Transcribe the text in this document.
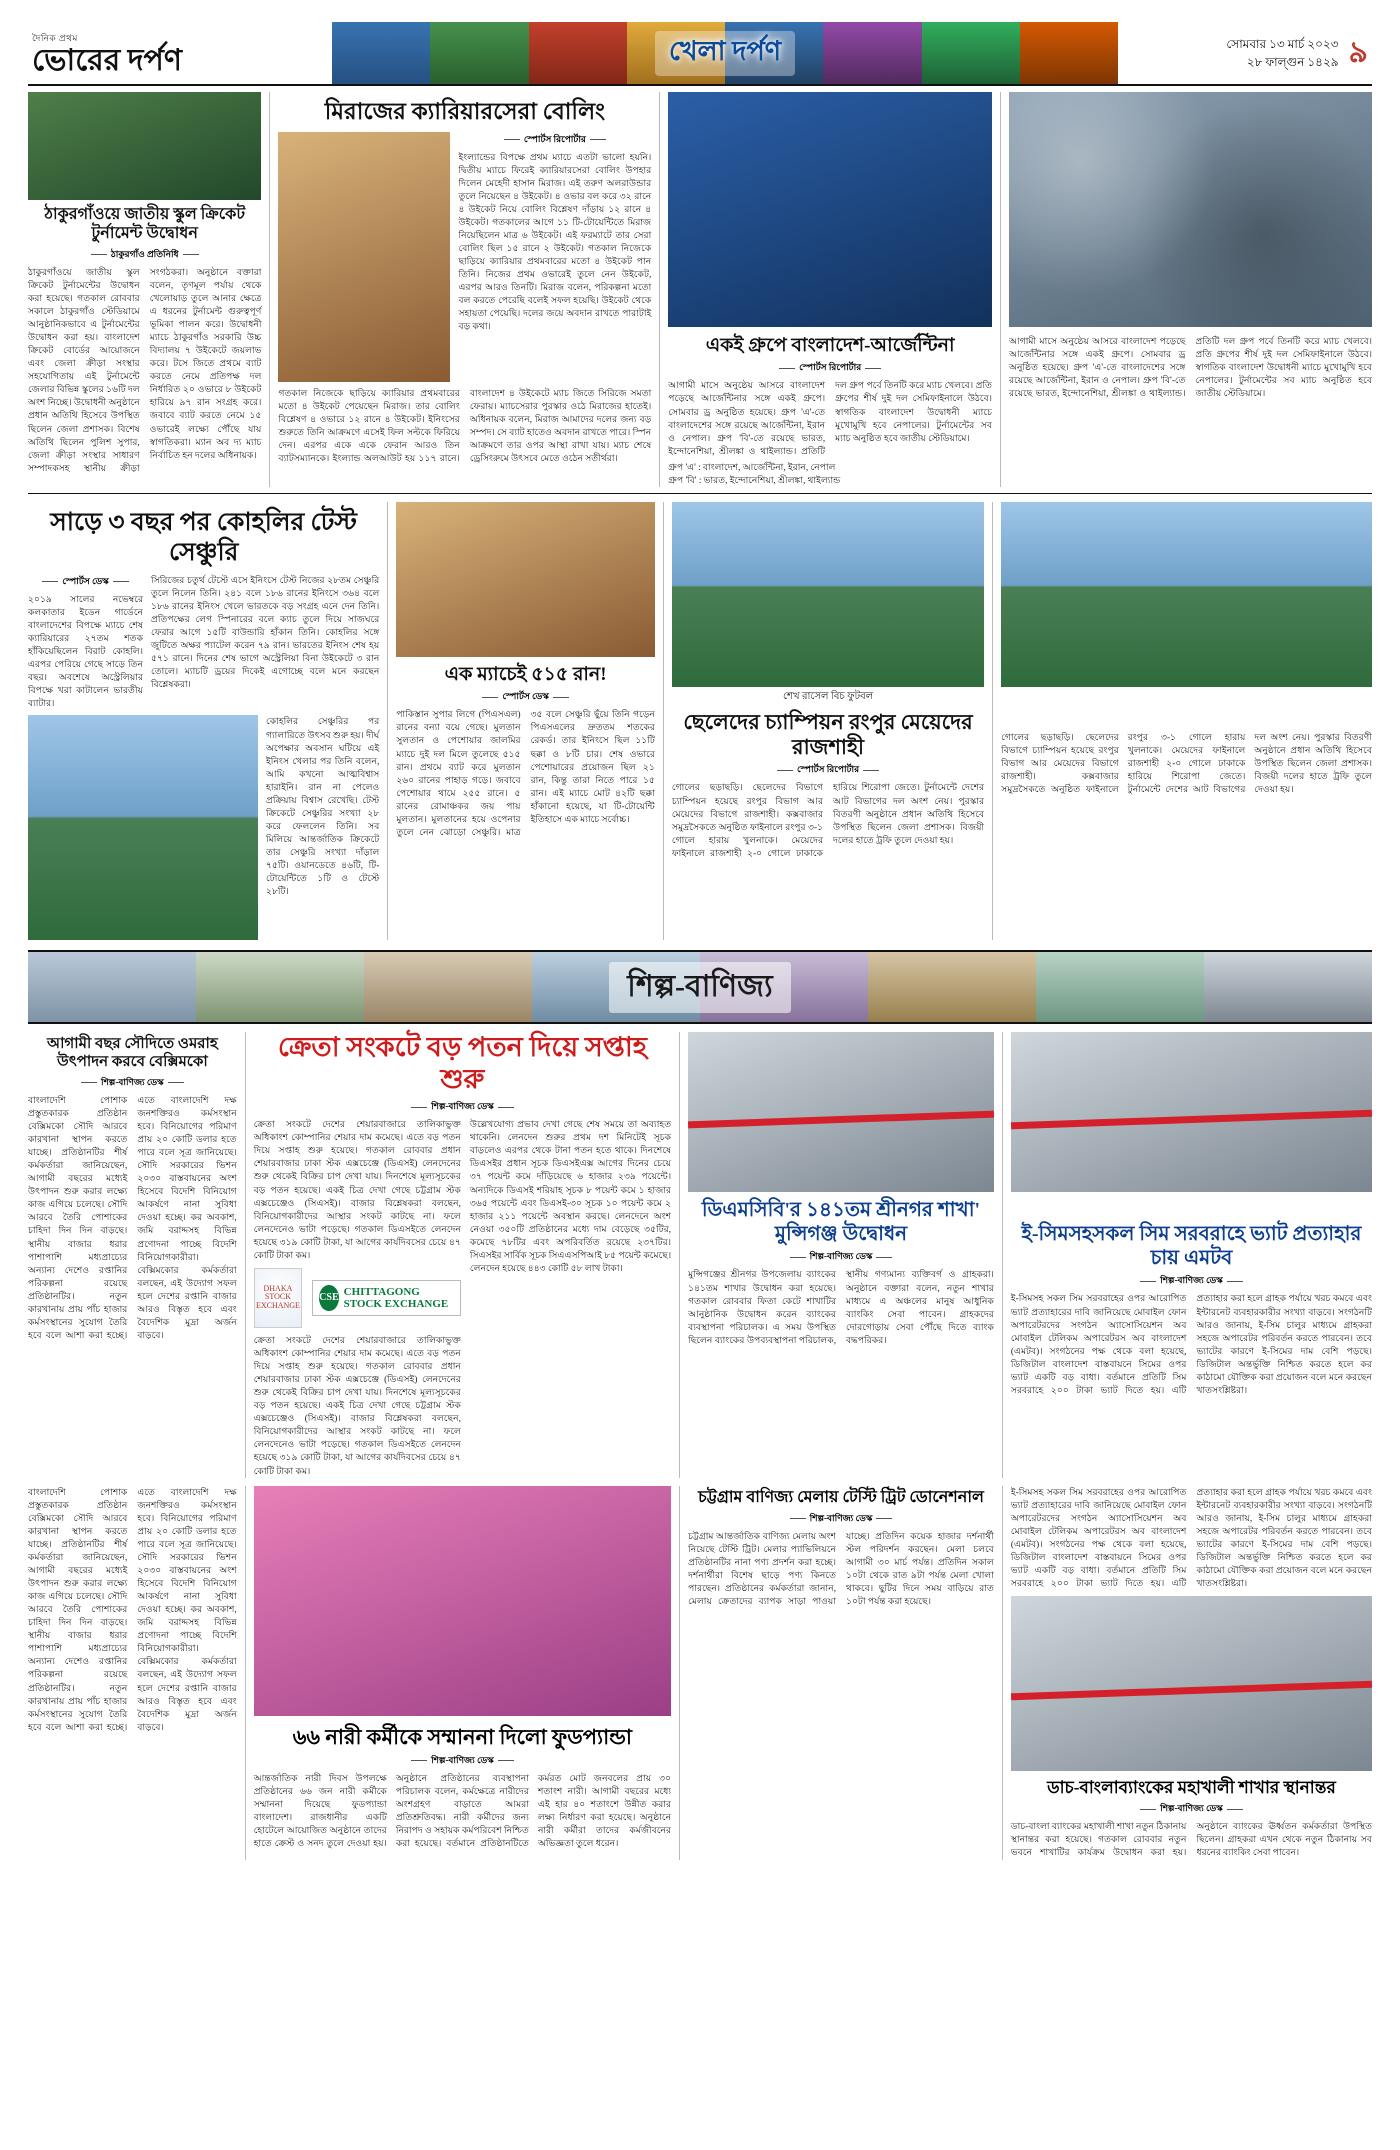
দৈনিক প্রথম
ভোরের দর্পণ	খেলা দর্পণ	সোমবার ১৩ মার্চ ২০২৩
২৮ ফাল্গুন ১৪২৯ ৯
ঠাকুরগাঁওয়ে জাতীয় স্কুল ক্রিকেট টুর্নামেন্ট উদ্বোধন
ঠাকুরগাঁও প্রতিনিধি
ঠাকুরগাঁওয়ে জাতীয় স্কুল ক্রিকেট টুর্নামেন্টের উদ্বোধন করা হয়েছে। গতকাল রোববার সকালে ঠাকুরগাঁও স্টেডিয়ামে আনুষ্ঠানিকভাবে এ টুর্নামেন্টের উদ্বোধন করা হয়। বাংলাদেশ ক্রিকেট বোর্ডের আয়োজনে এবং জেলা ক্রীড়া সংস্থার সহযোগিতায় এই টুর্নামেন্টে জেলার বিভিন্ন স্কুলের ১৬টি দল অংশ নিচ্ছে। উদ্বোধনী অনুষ্ঠানে প্রধান অতিথি হিসেবে উপস্থিত ছিলেন জেলা প্রশাসক। বিশেষ অতিথি ছিলেন পুলিশ সুপার, জেলা ক্রীড়া সংস্থার সাধারণ সম্পাদকসহ স্থানীয় ক্রীড়া সংগঠকরা। অনুষ্ঠানে বক্তারা বলেন, তৃণমূল পর্যায় থেকে খেলোয়াড় তুলে আনার ক্ষেত্রে এ ধরনের টুর্নামেন্ট গুরুত্বপূর্ণ ভূমিকা পালন করে। উদ্বোধনী ম্যাচে ঠাকুরগাঁও সরকারি উচ্চ বিদ্যালয় ৭ উইকেটে জয়লাভ করে। টসে জিতে প্রথমে ব্যাট করতে নেমে প্রতিপক্ষ দল নির্ধারিত ২০ ওভারে ৮ উইকেট হারিয়ে ৯৭ রান সংগ্রহ করে। জবাবে ব্যাট করতে নেমে ১৫ ওভারেই লক্ষ্যে পৌঁছে যায় স্বাগতিকরা। ম্যান অব দ্য ম্যাচ নির্বাচিত হন দলের অধিনায়ক।
মিরাজের ক্যারিয়ারসেরা বোলিং
স্পোর্টস রিপোর্টার
ইংল্যান্ডের বিপক্ষে প্রথম ম্যাচে এতটা ভালো হয়নি। দ্বিতীয় ম্যাচে ফিরেই ক্যারিয়ারসেরা বোলিং উপহার দিলেন মেহেদী হাসান মিরাজ। এই তরুণ অলরাউন্ডার তুলে নিয়েছেন ৪ উইকেট। ৪ ওভার বল করে ৩২ রানে ৪ উইকেট নিয়ে বোলিং বিশ্লেষণ দাঁড়ায় ১২ রানে ৪ উইকেট। গতকালের আগে ১১ টি-টোয়েন্টিতে মিরাজ নিয়েছিলেন মাত্র ৬ উইকেট। এই ফরম্যাটে তার সেরা বোলিং ছিল ১৫ রানে ২ উইকেট। গতকাল নিজেকে ছাড়িয়ে ক্যারিয়ার প্রথমবারের মতো ৪ উইকেট পান তিনি। নিজের প্রথম ওভারেই তুলে নেন উইকেট, এরপর আরও তিনটি। মিরাজ বলেন, পরিকল্পনা মতো বল করতে পেরেছি বলেই সফল হয়েছি। উইকেট থেকে সহায়তা পেয়েছি। দলের জয়ে অবদান রাখতে পারাটাই বড় কথা।
গতকাল নিজেকে ছাড়িয়ে ক্যারিয়ার প্রথমবারের মতো ৪ উইকেট পেয়েছেন মিরাজ। তার বোলিং বিশ্লেষণ ৪ ওভারে ১২ রানে ৪ উইকেট। ইনিংসের শুরুতে তিনি আক্রমণে এসেই ফিল সল্টকে ফিরিয়ে দেন। এরপর একে একে ফেরান আরও তিন ব্যাটসম্যানকে। ইংল্যান্ড অলআউট হয় ১১৭ রানে। বাংলাদেশ ৪ উইকেটে ম্যাচ জিতে সিরিজে সমতা ফেরায়। ম্যাচসেরার পুরস্কার ওঠে মিরাজের হাতেই। অধিনায়ক বলেন, মিরাজ আমাদের দলের জন্য বড় সম্পদ। সে ব্যাট হাতেও অবদান রাখতে পারে। স্পিন আক্রমণে তার ওপর আস্থা রাখা যায়। ম্যাচ শেষে ড্রেসিংরুমে উৎসবে মেতে ওঠেন সতীর্থরা।
একই গ্রুপে বাংলাদেশ-আর্জেন্টিনা
স্পোর্টস রিপোর্টার
আগামী মাসে অনুষ্ঠেয় আসরে বাংলাদেশ পড়েছে আর্জেন্টিনার সঙ্গে একই গ্রুপে। সোমবার ড্র অনুষ্ঠিত হয়েছে। গ্রুপ 'এ'-তে বাংলাদেশের সঙ্গে রয়েছে আর্জেন্টিনা, ইরান ও নেপাল। গ্রুপ 'বি'-তে রয়েছে ভারত, ইন্দোনেশিয়া, শ্রীলঙ্কা ও থাইল্যান্ড। প্রতিটি দল গ্রুপ পর্বে তিনটি করে ম্যাচ খেলবে। প্রতি গ্রুপের শীর্ষ দুই দল সেমিফাইনালে উঠবে। স্বাগতিক বাংলাদেশ উদ্বোধনী ম্যাচে মুখোমুখি হবে নেপালের। টুর্নামেন্টের সব ম্যাচ অনুষ্ঠিত হবে জাতীয় স্টেডিয়ামে।
গ্রুপ 'এ' : বাংলাদেশ, আর্জেন্টিনা, ইরান, নেপাল
গ্রুপ 'বি' : ভারত, ইন্দোনেশিয়া, শ্রীলঙ্কা, থাইল্যান্ড
আগামী মাসে অনুষ্ঠেয় আসরে বাংলাদেশ পড়েছে আর্জেন্টিনার সঙ্গে একই গ্রুপে। সোমবার ড্র অনুষ্ঠিত হয়েছে। গ্রুপ 'এ'-তে বাংলাদেশের সঙ্গে রয়েছে আর্জেন্টিনা, ইরান ও নেপাল। গ্রুপ 'বি'-তে রয়েছে ভারত, ইন্দোনেশিয়া, শ্রীলঙ্কা ও থাইল্যান্ড। প্রতিটি দল গ্রুপ পর্বে তিনটি করে ম্যাচ খেলবে। প্রতি গ্রুপের শীর্ষ দুই দল সেমিফাইনালে উঠবে। স্বাগতিক বাংলাদেশ উদ্বোধনী ম্যাচে মুখোমুখি হবে নেপালের। টুর্নামেন্টের সব ম্যাচ অনুষ্ঠিত হবে জাতীয় স্টেডিয়ামে।
সাড়ে ৩ বছর পর কোহলির টেস্ট সেঞ্চুরি
স্পোর্টস ডেস্ক
২০১৯ সালের নভেম্বরে কলকাতার ইডেন গার্ডেনে বাংলাদেশের বিপক্ষে ম্যাচে শেষ ক্যারিয়ারের ২৭তম শতক হাঁকিয়েছিলেন বিরাট কোহলি। এরপর পেরিয়ে গেছে সাড়ে তিন বছর। অবশেষে অস্ট্রেলিয়ার বিপক্ষে খরা কাটালেন ভারতীয় ব্যাটার।
সিরিজের চতুর্থ টেস্টে এসে ইনিংসে টেস্ট নিজের ২৮তম সেঞ্চুরি তুলে নিলেন তিনি। ২৪১ বলে ১৮৬ রানের ইনিংসে ৩৬৪ বলে ১৮৬ রানের ইনিংস খেলে ভারতকে বড় সংগ্রহ এনে দেন তিনি। প্রতিপক্ষের লেগ স্পিনারের বলে ক্যাচ তুলে দিয়ে সাজঘরে ফেরার আগে ১৫টি বাউন্ডারি হাঁকান তিনি। কোহলির সঙ্গে জুটিতে অক্ষর প্যাটেল করেন ৭৯ রান। ভারতের ইনিংস শেষ হয় ৫৭১ রানে। দিনের শেষ ভাগে অস্ট্রেলিয়া বিনা উইকেটে ৩ রান তোলে। ম্যাচটি ড্রয়ের দিকেই এগোচ্ছে বলে মনে করছেন বিশ্লেষকরা।
কোহলির সেঞ্চুরির পর গ্যালারিতে উৎসব শুরু হয়। দীর্ঘ অপেক্ষার অবসান ঘটিয়ে এই ইনিংস খেলার পর তিনি বলেন, আমি কখনো আত্মবিশ্বাস হারাইনি। রান না পেলেও প্রক্রিয়ায় বিশ্বাস রেখেছি। টেস্ট ক্রিকেটে সেঞ্চুরির সংখ্যা ২৮ করে ফেললেন তিনি। সব মিলিয়ে আন্তর্জাতিক ক্রিকেটে তার সেঞ্চুরি সংখ্যা দাঁড়াল ৭৫টি। ওয়ানডেতে ৪৬টি, টি-টোয়েন্টিতে ১টি ও টেস্টে ২৮টি।
এক ম্যাচেই ৫১৫ রান!
স্পোর্টস ডেস্ক
পাকিস্তান সুপার লিগে (পিএসএল) রানের বন্যা বয়ে গেছে। মুলতান সুলতান ও পেশোয়ার জালমির ম্যাচে দুই দল মিলে তুলেছে ৫১৫ রান। প্রথমে ব্যাট করে মুলতান ২৬০ রানের পাহাড় গড়ে। জবাবে পেশোয়ার থামে ২৫৫ রানে। ৫ রানের রোমাঞ্চকর জয় পায় মুলতান। মুলতানের হয়ে ওপেনার তুলে নেন ঝোড়ো সেঞ্চুরি। মাত্র ৩৫ বলে সেঞ্চুরি ছুঁয়ে তিনি গড়েন পিএসএলের দ্রুততম শতকের রেকর্ড। তার ইনিংসে ছিল ১১টি ছক্কা ও ৮টি চার। শেষ ওভারে পেশোয়ারের প্রয়োজন ছিল ২১ রান, কিন্তু তারা নিতে পারে ১৫ রান। এই ম্যাচে মোট ৪২টি ছক্কা হাঁকানো হয়েছে, যা টি-টোয়েন্টি ইতিহাসে এক ম্যাচে সর্বোচ্চ।
শেখ রাসেল বিচ ফুটবল
ছেলেদের চ্যাম্পিয়ন রংপুর মেয়েদের রাজশাহী
স্পোর্টস রিপোর্টার
গোলের ছড়াছড়ি। ছেলেদের বিভাগে চ্যাম্পিয়ন হয়েছে রংপুর বিভাগ আর মেয়েদের বিভাগে রাজশাহী। কক্সবাজার সমুদ্রসৈকতে অনুষ্ঠিত ফাইনালে রংপুর ৩-১ গোলে হারায় খুলনাকে। মেয়েদের ফাইনালে রাজশাহী ২-০ গোলে ঢাকাকে হারিয়ে শিরোপা জেতে। টুর্নামেন্টে দেশের আট বিভাগের দল অংশ নেয়। পুরস্কার বিতরণী অনুষ্ঠানে প্রধান অতিথি হিসেবে উপস্থিত ছিলেন জেলা প্রশাসক। বিজয়ী দলের হাতে ট্রফি তুলে দেওয়া হয়।
গোলের ছড়াছড়ি। ছেলেদের বিভাগে চ্যাম্পিয়ন হয়েছে রংপুর বিভাগ আর মেয়েদের বিভাগে রাজশাহী। কক্সবাজার সমুদ্রসৈকতে অনুষ্ঠিত ফাইনালে রংপুর ৩-১ গোলে হারায় খুলনাকে। মেয়েদের ফাইনালে রাজশাহী ২-০ গোলে ঢাকাকে হারিয়ে শিরোপা জেতে। টুর্নামেন্টে দেশের আট বিভাগের দল অংশ নেয়। পুরস্কার বিতরণী অনুষ্ঠানে প্রধান অতিথি হিসেবে উপস্থিত ছিলেন জেলা প্রশাসক। বিজয়ী দলের হাতে ট্রফি তুলে দেওয়া হয়।
শিল্প-বাণিজ্য
আগামী বছর সৌদিতে ওমরাহ উৎপাদন করবে বেক্সিমকো
শিল্প-বাণিজ্য ডেস্ক
বাংলাদেশি পোশাক প্রস্তুতকারক প্রতিষ্ঠান বেক্সিমকো সৌদি আরবে কারখানা স্থাপন করতে যাচ্ছে। প্রতিষ্ঠানটির শীর্ষ কর্মকর্তারা জানিয়েছেন, আগামী বছরের মধ্যেই উৎপাদন শুরু করার লক্ষ্যে কাজ এগিয়ে চলেছে। সৌদি আরবে তৈরি পোশাকের চাহিদা দিন দিন বাড়ছে। স্থানীয় বাজার ধরার পাশাপাশি মধ্যপ্রাচ্যের অন্যান্য দেশেও রপ্তানির পরিকল্পনা রয়েছে প্রতিষ্ঠানটির। নতুন কারখানায় প্রায় পাঁচ হাজার কর্মসংস্থানের সুযোগ তৈরি হবে বলে আশা করা হচ্ছে। এতে বাংলাদেশি দক্ষ জনশক্তিরও কর্মসংস্থান হবে। বিনিয়োগের পরিমাণ প্রায় ২০ কোটি ডলার হতে পারে বলে সূত্র জানিয়েছে। সৌদি সরকারের ভিশন ২০৩০ বাস্তবায়নের অংশ হিসেবে বিদেশি বিনিয়োগ আকর্ষণে নানা সুবিধা দেওয়া হচ্ছে। কর অবকাশ, জমি বরাদ্দসহ বিভিন্ন প্রণোদনা পাচ্ছে বিদেশি বিনিয়োগকারীরা। বেক্সিমকোর কর্মকর্তারা বলছেন, এই উদ্যোগ সফল হলে দেশের রপ্তানি বাজার আরও বিস্তৃত হবে এবং বৈদেশিক মুদ্রা অর্জন বাড়বে।
ক্রেতা সংকটে বড় পতন দিয়ে সপ্তাহ শুরু
শিল্প-বাণিজ্য ডেস্ক
ক্রেতা সংকটে দেশের শেয়ারবাজারে তালিকাভুক্ত অধিকাংশ কোম্পানির শেয়ার দাম কমেছে। এতে বড় পতন দিয়ে সপ্তাহ শুরু হয়েছে। গতকাল রোববার প্রধান শেয়ারবাজার ঢাকা স্টক এক্সচেঞ্জে (ডিএসই) লেনদেনের শুরু থেকেই বিক্রির চাপ দেখা যায়। দিনশেষে মূল্যসূচকের বড় পতন হয়েছে। একই চিত্র দেখা গেছে চট্টগ্রাম স্টক এক্সচেঞ্জেও (সিএসই)। বাজার বিশ্লেষকরা বলছেন, বিনিয়োগকারীদের আস্থার সংকট কাটছে না। ফলে লেনদেনেও ভাটা পড়েছে। গতকাল ডিএসইতে লেনদেন হয়েছে ৩১৯ কোটি টাকা, যা আগের কার্যদিবসের চেয়ে ৪৭ কোটি টাকা কম।
DHAKA
STOCK
EXCHANGE
CSE CHITTAGONG STOCK EXCHANGE
ক্রেতা সংকটে দেশের শেয়ারবাজারে তালিকাভুক্ত অধিকাংশ কোম্পানির শেয়ার দাম কমেছে। এতে বড় পতন দিয়ে সপ্তাহ শুরু হয়েছে। গতকাল রোববার প্রধান শেয়ারবাজার ঢাকা স্টক এক্সচেঞ্জে (ডিএসই) লেনদেনের শুরু থেকেই বিক্রির চাপ দেখা যায়। দিনশেষে মূল্যসূচকের বড় পতন হয়েছে। একই চিত্র দেখা গেছে চট্টগ্রাম স্টক এক্সচেঞ্জেও (সিএসই)। বাজার বিশ্লেষকরা বলছেন, বিনিয়োগকারীদের আস্থার সংকট কাটছে না। ফলে লেনদেনেও ভাটা পড়েছে। গতকাল ডিএসইতে লেনদেন হয়েছে ৩১৯ কোটি টাকা, যা আগের কার্যদিবসের চেয়ে ৪৭ কোটি টাকা কম।
উল্লেখযোগ্য প্রভাব দেখা গেছে শেষ সময়ে তা অব্যাহত থাকেনি। লেনদেন শুরুর প্রথম দশ মিনিটেই সূচক বাড়লেও এরপর থেকে টানা পতন হতে থাকে। দিনশেষে ডিএসইর প্রধান সূচক ডিএসইএক্স আগের দিনের চেয়ে ৩৭ পয়েন্ট কমে দাঁড়িয়েছে ৬ হাজার ২৩৯ পয়েন্টে। অন্যদিকে ডিএসই শরিয়াহ সূচক ৮ পয়েন্ট কমে ১ হাজার ৩৬৫ পয়েন্টে এবং ডিএসই-৩০ সূচক ১০ পয়েন্ট কমে ২ হাজার ২১১ পয়েন্টে অবস্থান করছে। লেনদেনে অংশ নেওয়া ৩৫০টি প্রতিষ্ঠানের মধ্যে দাম বেড়েছে ৩৫টির, কমেছে ৭৮টির এবং অপরিবর্তিত রয়েছে ২৩৭টির। সিএসইর সার্বিক সূচক সিএএসপিআই ৮৫ পয়েন্ট কমেছে। লেনদেন হয়েছে ৪৪৩ কোটি ৫৮ লাখ টাকা।
ডিএমসিবি'র ১৪১তম শ্রীনগর শাখা' মুন্সিগঞ্জ উদ্বোধন
শিল্প-বাণিজ্য ডেস্ক
মুন্সিগঞ্জের শ্রীনগর উপজেলায় ব্যাংকের ১৪১তম শাখার উদ্বোধন করা হয়েছে। গতকাল রোববার ফিতা কেটে শাখাটির আনুষ্ঠানিক উদ্বোধন করেন ব্যাংকের ব্যবস্থাপনা পরিচালক। এ সময় উপস্থিত ছিলেন ব্যাংকের উপব্যবস্থাপনা পরিচালক, স্থানীয় গণ্যমান্য ব্যক্তিবর্গ ও গ্রাহকরা। অনুষ্ঠানে বক্তারা বলেন, নতুন শাখার মাধ্যমে এ অঞ্চলের মানুষ আধুনিক ব্যাংকিং সেবা পাবেন। গ্রাহকদের দোরগোড়ায় সেবা পৌঁছে দিতে ব্যাংক বদ্ধপরিকর।
ই-সিমসহসকল সিম সরবরাহে ভ্যাট প্রত্যাহার চায় এমটব
শিল্প-বাণিজ্য ডেস্ক
ই-সিমসহ সকল সিম সরবরাহের ওপর আরোপিত ভ্যাট প্রত্যাহারের দাবি জানিয়েছে মোবাইল ফোন অপারেটরদের সংগঠন অ্যাসোসিয়েশন অব মোবাইল টেলিকম অপারেটরস অব বাংলাদেশ (এমটব)। সংগঠনের পক্ষ থেকে বলা হয়েছে, ডিজিটাল বাংলাদেশ বাস্তবায়নে সিমের ওপর ভ্যাট একটি বড় বাধা। বর্তমানে প্রতিটি সিম সরবরাহে ২০০ টাকা ভ্যাট দিতে হয়। এটি প্রত্যাহার করা হলে গ্রাহক পর্যায়ে খরচ কমবে এবং ইন্টারনেট ব্যবহারকারীর সংখ্যা বাড়বে। সংগঠনটি আরও জানায়, ই-সিম চালুর মাধ্যমে গ্রাহকরা সহজে অপারেটর পরিবর্তন করতে পারবেন। তবে ভ্যাটের কারণে ই-সিমের দাম বেশি পড়ছে। ডিজিটাল অন্তর্ভুক্তি নিশ্চিত করতে হলে কর কাঠামো যৌক্তিক করা প্রয়োজন বলে মনে করছেন খাতসংশ্লিষ্টরা।
বাংলাদেশি পোশাক প্রস্তুতকারক প্রতিষ্ঠান বেক্সিমকো সৌদি আরবে কারখানা স্থাপন করতে যাচ্ছে। প্রতিষ্ঠানটির শীর্ষ কর্মকর্তারা জানিয়েছেন, আগামী বছরের মধ্যেই উৎপাদন শুরু করার লক্ষ্যে কাজ এগিয়ে চলেছে। সৌদি আরবে তৈরি পোশাকের চাহিদা দিন দিন বাড়ছে। স্থানীয় বাজার ধরার পাশাপাশি মধ্যপ্রাচ্যের অন্যান্য দেশেও রপ্তানির পরিকল্পনা রয়েছে প্রতিষ্ঠানটির। নতুন কারখানায় প্রায় পাঁচ হাজার কর্মসংস্থানের সুযোগ তৈরি হবে বলে আশা করা হচ্ছে। এতে বাংলাদেশি দক্ষ জনশক্তিরও কর্মসংস্থান হবে। বিনিয়োগের পরিমাণ প্রায় ২০ কোটি ডলার হতে পারে বলে সূত্র জানিয়েছে। সৌদি সরকারের ভিশন ২০৩০ বাস্তবায়নের অংশ হিসেবে বিদেশি বিনিয়োগ আকর্ষণে নানা সুবিধা দেওয়া হচ্ছে। কর অবকাশ, জমি বরাদ্দসহ বিভিন্ন প্রণোদনা পাচ্ছে বিদেশি বিনিয়োগকারীরা। বেক্সিমকোর কর্মকর্তারা বলছেন, এই উদ্যোগ সফল হলে দেশের রপ্তানি বাজার আরও বিস্তৃত হবে এবং বৈদেশিক মুদ্রা অর্জন বাড়বে।	৬৬ নারী কর্মীকে সম্মাননা দিলো ফুডপ্যান্ডা
শিল্প-বাণিজ্য ডেস্ক
আন্তর্জাতিক নারী দিবস উপলক্ষে প্রতিষ্ঠানের ৬৬ জন নারী কর্মীকে সম্মাননা দিয়েছে ফুডপ্যান্ডা বাংলাদেশ। রাজধানীর একটি হোটেলে আয়োজিত অনুষ্ঠানে তাদের হাতে ক্রেস্ট ও সনদ তুলে দেওয়া হয়। অনুষ্ঠানে প্রতিষ্ঠানের ব্যবস্থাপনা পরিচালক বলেন, কর্মক্ষেত্রে নারীদের অংশগ্রহণ বাড়াতে আমরা প্রতিশ্রুতিবদ্ধ। নারী কর্মীদের জন্য নিরাপদ ও সহায়ক কর্মপরিবেশ নিশ্চিত করা হয়েছে। বর্তমানে প্রতিষ্ঠানটিতে কর্মরত মোট জনবলের প্রায় ৩০ শতাংশ নারী। আগামী বছরের মধ্যে এই হার ৪০ শতাংশে উন্নীত করার লক্ষ্য নির্ধারণ করা হয়েছে। অনুষ্ঠানে নারী কর্মীরা তাদের কর্মজীবনের অভিজ্ঞতা তুলে ধরেন।
চট্টগ্রাম বাণিজ্য মেলায় টেস্টি ট্রিট ডোনেশনাল
শিল্প-বাণিজ্য ডেস্ক
চট্টগ্রাম আন্তর্জাতিক বাণিজ্য মেলায় অংশ নিয়েছে টেস্টি ট্রিট। মেলার প্যাভিলিয়নে প্রতিষ্ঠানটির নানা পণ্য প্রদর্শন করা হচ্ছে। দর্শনার্থীরা বিশেষ ছাড়ে পণ্য কিনতে পারছেন। প্রতিষ্ঠানের কর্মকর্তারা জানান, মেলায় ক্রেতাদের ব্যাপক সাড়া পাওয়া যাচ্ছে। প্রতিদিন কয়েক হাজার দর্শনার্থী স্টল পরিদর্শন করছেন। মেলা চলবে আগামী ৩০ মার্চ পর্যন্ত। প্রতিদিন সকাল ১০টা থেকে রাত ৯টা পর্যন্ত মেলা খোলা থাকবে। ছুটির দিনে সময় বাড়িয়ে রাত ১০টা পর্যন্ত করা হয়েছে।
ই-সিমসহ সকল সিম সরবরাহের ওপর আরোপিত ভ্যাট প্রত্যাহারের দাবি জানিয়েছে মোবাইল ফোন অপারেটরদের সংগঠন অ্যাসোসিয়েশন অব মোবাইল টেলিকম অপারেটরস অব বাংলাদেশ (এমটব)। সংগঠনের পক্ষ থেকে বলা হয়েছে, ডিজিটাল বাংলাদেশ বাস্তবায়নে সিমের ওপর ভ্যাট একটি বড় বাধা। বর্তমানে প্রতিটি সিম সরবরাহে ২০০ টাকা ভ্যাট দিতে হয়। এটি প্রত্যাহার করা হলে গ্রাহক পর্যায়ে খরচ কমবে এবং ইন্টারনেট ব্যবহারকারীর সংখ্যা বাড়বে। সংগঠনটি আরও জানায়, ই-সিম চালুর মাধ্যমে গ্রাহকরা সহজে অপারেটর পরিবর্তন করতে পারবেন। তবে ভ্যাটের কারণে ই-সিমের দাম বেশি পড়ছে। ডিজিটাল অন্তর্ভুক্তি নিশ্চিত করতে হলে কর কাঠামো যৌক্তিক করা প্রয়োজন বলে মনে করছেন খাতসংশ্লিষ্টরা।
ডাচ-বাংলাব্যাংকের মহাখালী শাখার স্থানান্তর
শিল্প-বাণিজ্য ডেস্ক
ডাচ-বাংলা ব্যাংকের মহাখালী শাখা নতুন ঠিকানায় স্থানান্তর করা হয়েছে। গতকাল রোববার নতুন ভবনে শাখাটির কার্যক্রম উদ্বোধন করা হয়। অনুষ্ঠানে ব্যাংকের ঊর্ধ্বতন কর্মকর্তারা উপস্থিত ছিলেন। গ্রাহকরা এখন থেকে নতুন ঠিকানায় সব ধরনের ব্যাংকিং সেবা পাবেন।
